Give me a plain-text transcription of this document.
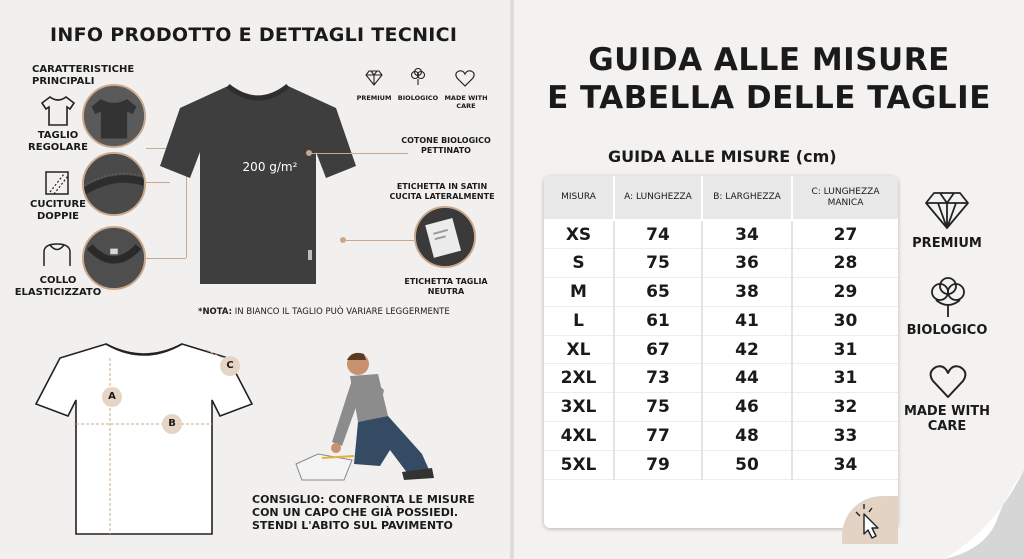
INFO PRODOTTO E DETTAGLI TECNICI
CARATTERISTICHE PRINCIPALI
TAGLIO REGOLARE
CUCITURE DOPPIE
COLLO ELASTICIZZATO
200 g/m²
PREMIUM BIOLOGICO MADE WITH CARE
COTONE BIOLOGICO PETTINATO
ETICHETTA IN SATIN CUCITA LATERALMENTE
ETICHETTA TAGLIA NEUTRA
*NOTA: IN BIANCO IL TAGLIO PUÒ VARIARE LEGGERMENTE
A
B
C
CONSIGLIO: CONFRONTA LE MISURE CON UN CAPO CHE GIÀ POSSIEDI. STENDI L'ABITO SUL PAVIMENTO
GUIDA ALLE MISURE
E TABELLA DELLE TAGLIE
GUIDA ALLE MISURE (cm)
MISURA	A: LUNGHEZZA	B: LARGHEZZA	C: LUNGHEZZA MANICA
XS	74	34	27
S	75	36	28
M	65	38	29
L	61	41	30
XL	67	42	31
2XL	73	44	31
3XL	75	46	32
4XL	77	48	33
5XL	79	50	34
PREMIUM
BIOLOGICO
MADE WITH CARE
